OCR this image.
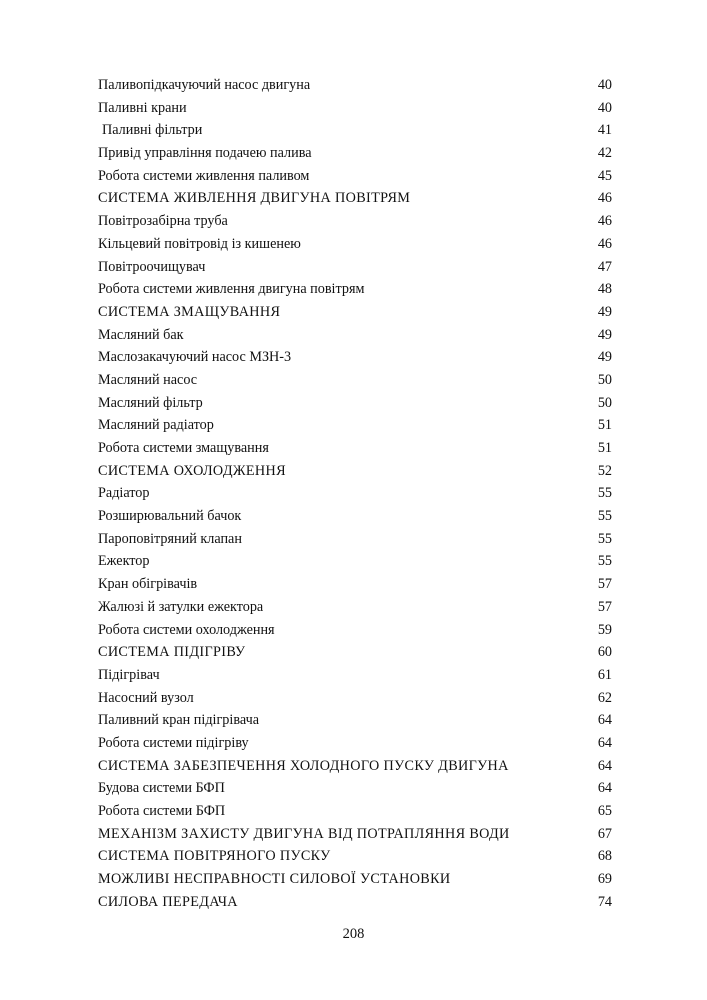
Паливопідкачуючий насос двигуна	40
Паливні крани	40
Паливні фільтри	41
Привід управління подачею палива	42
Робота системи живлення паливом	45
СИСТЕМА ЖИВЛЕННЯ ДВИГУНА ПОВІТРЯМ	46
Повітрозабірна труба	46
Кільцевий повітровід із кишенею	46
Повітроочищувач	47
Робота системи живлення двигуна повітрям	48
СИСТЕМА ЗМАЩУВАННЯ	49
Масляний бак	49
Маслозакачуючий насос МЗН-3	49
Масляний насос	50
Масляний фільтр	50
Масляний радіатор	51
Робота системи змащування	51
СИСТЕМА ОХОЛОДЖЕННЯ	52
Радіатор	55
Розширювальний бачок	55
Пароповітряний клапан	55
Ежектор	55
Кран обігрівачів	57
Жалюзі й затулки ежектора	57
Робота системи охолодження	59
СИСТЕМА ПІДІГРІВУ	60
Підігрівач	61
Насосний вузол	62
Паливний кран підігрівача	64
Робота системи підігріву	64
СИСТЕМА ЗАБЕЗПЕЧЕННЯ ХОЛОДНОГО ПУСКУ ДВИГУНА	64
Будова системи БФП	64
Робота системи БФП	65
МЕХАНІЗМ ЗАХИСТУ ДВИГУНА ВІД ПОТРАПЛЯННЯ ВОДИ	67
СИСТЕМА ПОВІТРЯНОГО ПУСКУ	68
МОЖЛИВІ НЕСПРАВНОСТІ СИЛОВОЇ УСТАНОВКИ	69
СИЛОВА ПЕРЕДАЧА	74
208
